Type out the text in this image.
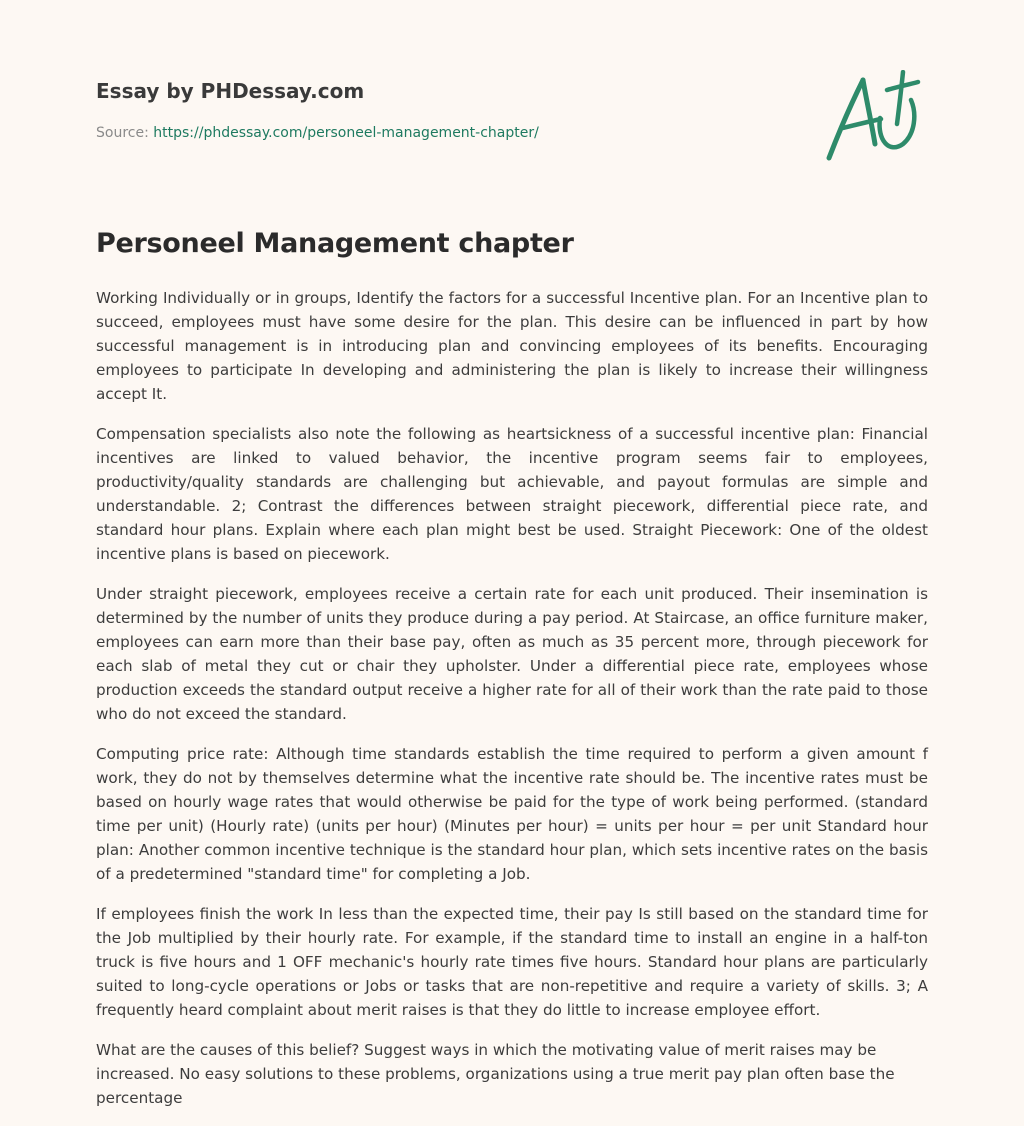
Essay by PHDessay.com
Source: https://phdessay.com/personeel-management-chapter/
Personeel Management chapter

Working Individually or in groups, Identify the factors for a successful Incentive plan. For an Incentive plan to succeed, employees must have some desire for the plan. This desire can be influenced in part by how successful management is in introducing plan and convincing employees of its benefits. Encouraging employees to participate In developing and administering the plan is likely to increase their willingness accept It.

Compensation specialists also note the following as heartsickness of a successful incentive plan: Financial incentives are linked to valued behavior, the incentive program seems fair to employees, productivity/quality standards are challenging but achievable, and payout formulas are simple and understandable. 2; Contrast the differences between straight piecework, differential piece rate, and standard hour plans. Explain where each plan might best be used. Straight Piecework: One of the oldest incentive plans is based on piecework.

Under straight piecework, employees receive a certain rate for each unit produced. Their insemination is determined by the number of units they produce during a pay period. At Staircase, an office furniture maker, employees can earn more than their base pay, often as much as 35 percent more, through piecework for each slab of metal they cut or chair they upholster. Under a differential piece rate, employees whose production exceeds the standard output receive a higher rate for all of their work than the rate paid to those who do not exceed the standard.

Computing price rate: Although time standards establish the time required to perform a given amount f work, they do not by themselves determine what the incentive rate should be. The incentive rates must be based on hourly wage rates that would otherwise be paid for the type of work being performed. (standard time per unit) (Hourly rate) (units per hour) (Minutes per hour) = units per hour = per unit Standard hour plan: Another common incentive technique is the standard hour plan, which sets incentive rates on the basis of a predetermined "standard time" for completing a Job.

If employees finish the work In less than the expected time, their pay Is still based on the standard time for the Job multiplied by their hourly rate. For example, if the standard time to install an engine in a half-ton truck is five hours and 1 OFF mechanic's hourly rate times five hours. Standard hour plans are particularly suited to long-cycle operations or Jobs or tasks that are non-repetitive and require a variety of skills. 3; A frequently heard complaint about merit raises is that they do little to increase employee effort.

What are the causes of this belief? Suggest ways in which the motivating value of merit raises may be increased. No easy solutions to these problems, organizations using a true merit pay plan often base the percentage
